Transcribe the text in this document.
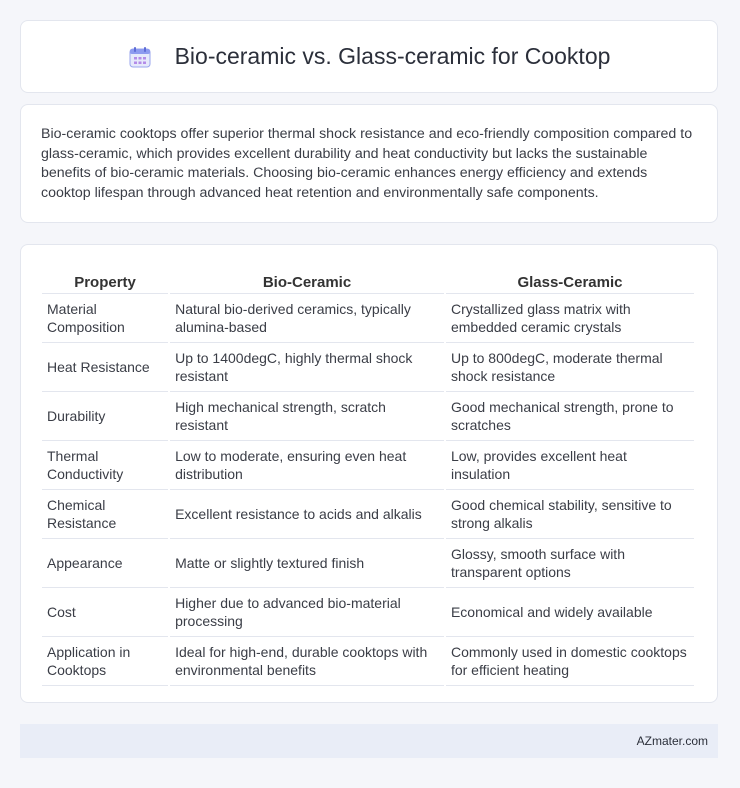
Bio-ceramic vs. Glass-ceramic for Cooktop

Bio-ceramic cooktops offer superior thermal shock resistance and eco-friendly composition compared to glass-ceramic, which provides excellent durability and heat conductivity but lacks the sustainable benefits of bio-ceramic materials. Choosing bio-ceramic enhances energy efficiency and extends cooktop lifespan through advanced heat retention and environmentally safe components.

Property	Bio-Ceramic	Glass-Ceramic
Material Composition	Natural bio-derived ceramics, typically alumina-based	Crystallized glass matrix with embedded ceramic crystals
Heat Resistance	Up to 1400degC, highly thermal shock resistant	Up to 800degC, moderate thermal shock resistance
Durability	High mechanical strength, scratch resistant	Good mechanical strength, prone to scratches
Thermal Conductivity	Low to moderate, ensuring even heat distribution	Low, provides excellent heat insulation
Chemical Resistance	Excellent resistance to acids and alkalis	Good chemical stability, sensitive to strong alkalis
Appearance	Matte or slightly textured finish	Glossy, smooth surface with transparent options
Cost	Higher due to advanced bio-material processing	Economical and widely available
Application in Cooktops	Ideal for high-end, durable cooktops with environmental benefits	Commonly used in domestic cooktops for efficient heating
AZmater.com
